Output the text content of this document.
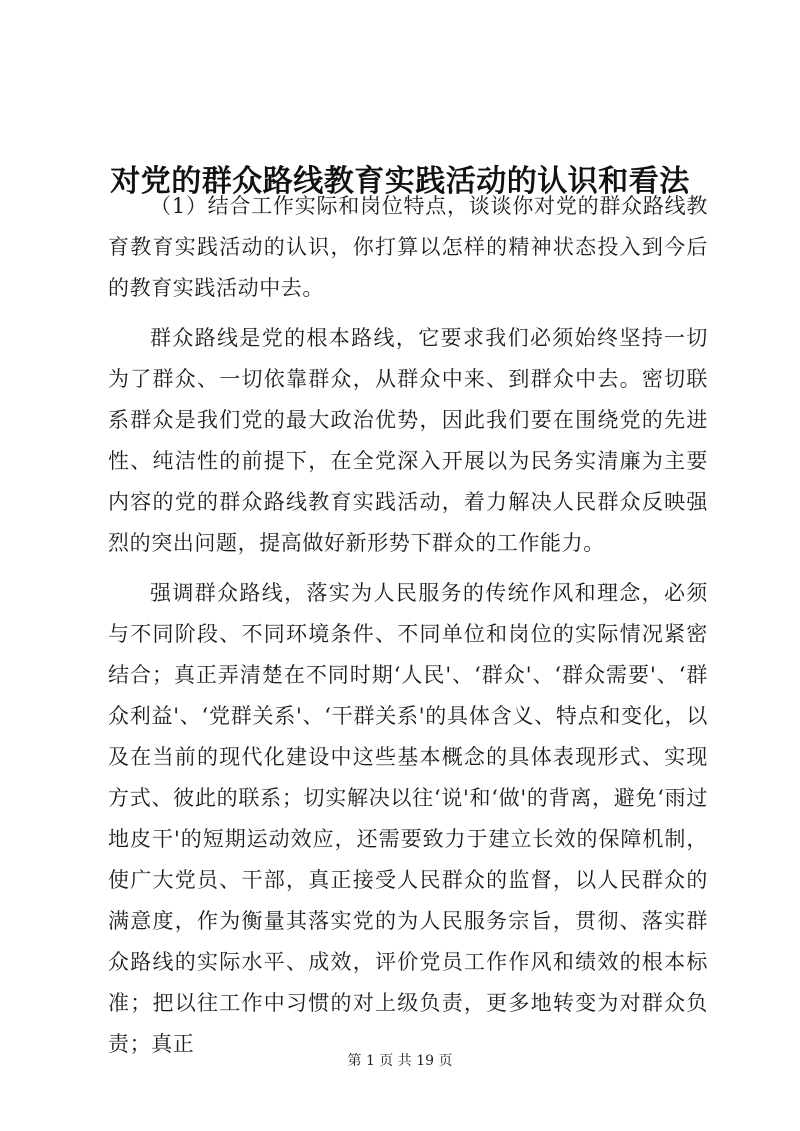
对党的群众路线教育实践活动的认识和看法

（1）结合工作实际和岗位特点，谈谈你对党的群众路线教育教育实践活动的认识，你打算以怎样的精神状态投入到今后的教育实践活动中去。

群众路线是党的根本路线，它要求我们必须始终坚持一切为了群众、一切依靠群众，从群众中来、到群众中去。密切联系群众是我们党的最大政治优势，因此我们要在围绕党的先进性、纯洁性的前提下，在全党深入开展以为民务实清廉为主要内容的党的群众路线教育实践活动，着力解决人民群众反映强烈的突出问题，提高做好新形势下群众的工作能力。

强调群众路线，落实为人民服务的传统作风和理念，必须与不同阶段、不同环境条件、不同单位和岗位的实际情况紧密结合；真正弄清楚在不同时期‘人民'、‘群众'、‘群众需要'、‘群众利益'、‘党群关系'、‘干群关系'的具体含义、特点和变化，以及在当前的现代化建设中这些基本概念的具体表现形式、实现方式、彼此的联系；切实解决以往‘说'和‘做'的背离，避免‘雨过地皮干'的短期运动效应，还需要致力于建立长效的保障机制，使广大党员、干部，真正接受人民群众的监督，以人民群众的满意度，作为衡量其落实党的为人民服务宗旨，贯彻、落实群众路线的实际水平、成效，评价党员工作作风和绩效的根本标准；把以往工作中习惯的对上级负责，更多地转变为对群众负责；真正

第 1 页 共 19 页
